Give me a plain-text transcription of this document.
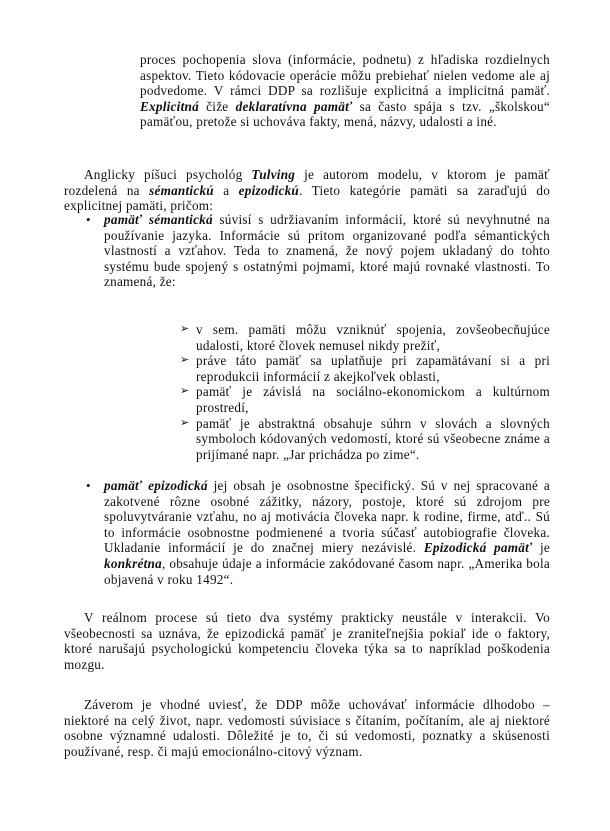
proces pochopenia slova (informácie, podnetu) z hľadiska rozdielnych aspektov. Tieto kódovacie operácie môžu prebiehať nielen vedome ale aj podvedome. V rámci DDP sa rozlišuje explicitná a implicitná pamäť. Explicitná čiže deklaratívna pamäť sa často spája s tzv. „školskou“ pamäťou, pretože si uchováva fakty, mená, názvy, udalosti a iné.
Anglicky píšuci psychológ Tulving je autorom modelu, v ktorom je pamäť rozdelená na sémantickú a epizodickú. Tieto kategórie pamäti sa zaraďujú do explicitnej pamäti, pričom:
• pamäť sémantická súvisí s udržiavaním informácií, ktoré sú nevyhnutné na používanie jazyka. Informácie sú pritom organizované podľa sémantických vlastností a vzťahov. Teda to znamená, že nový pojem ukladaný do tohto systému bude spojený s ostatnými pojmami, ktoré majú rovnaké vlastnosti. To znamená, že:
➢ v sem. pamäti môžu vzniknúť spojenia, zovšeobecňujúce udalosti, ktoré človek nemusel nikdy prežiť,
➢ práve táto pamäť sa uplatňuje pri zapamätávaní si a pri reprodukcii informácií z akejkoľvek oblasti,
➢ pamäť je závislá na sociálno-ekonomickom a kultúrnom prostredí,
➢ pamäť je abstraktná obsahuje súhrn v slovách a slovných symboloch kódovaných vedomostí, ktoré sú všeobecne známe a prijímané napr. „Jar prichádza po zime“.
• pamäť epizodická jej obsah je osobnostne špecifický. Sú v nej spracované a zakotvené rôzne osobné zážitky, názory, postoje, ktoré sú zdrojom pre spoluvytváranie vzťahu, no aj motivácia človeka napr. k rodine, firme, atď.. Sú to informácie osobnostne podmienené a tvoria súčasť autobiografie človeka. Ukladanie informácií je do značnej miery nezávislé. Epizodická pamäť je konkrétna, obsahuje údaje a informácie zakódované časom napr. „Amerika bola objavená v roku 1492“.
V reálnom procese sú tieto dva systémy prakticky neustále v interakcii. Vo všeobecnosti sa uznáva, že epizodická pamäť je zraniteľnejšia pokiaľ ide o faktory, ktoré narušajú psychologickú kompetenciu človeka týka sa to napríklad poškodenia mozgu.
Záverom je vhodné uviesť, že DDP môže uchovávať informácie dlhodobo – niektoré na celý život, napr. vedomosti súvisiace s čítaním, počítaním, ale aj niektoré osobne významné udalosti. Dôležité je to, či sú vedomosti, poznatky a skúsenosti používané, resp. či majú emocionálno-citový význam.
